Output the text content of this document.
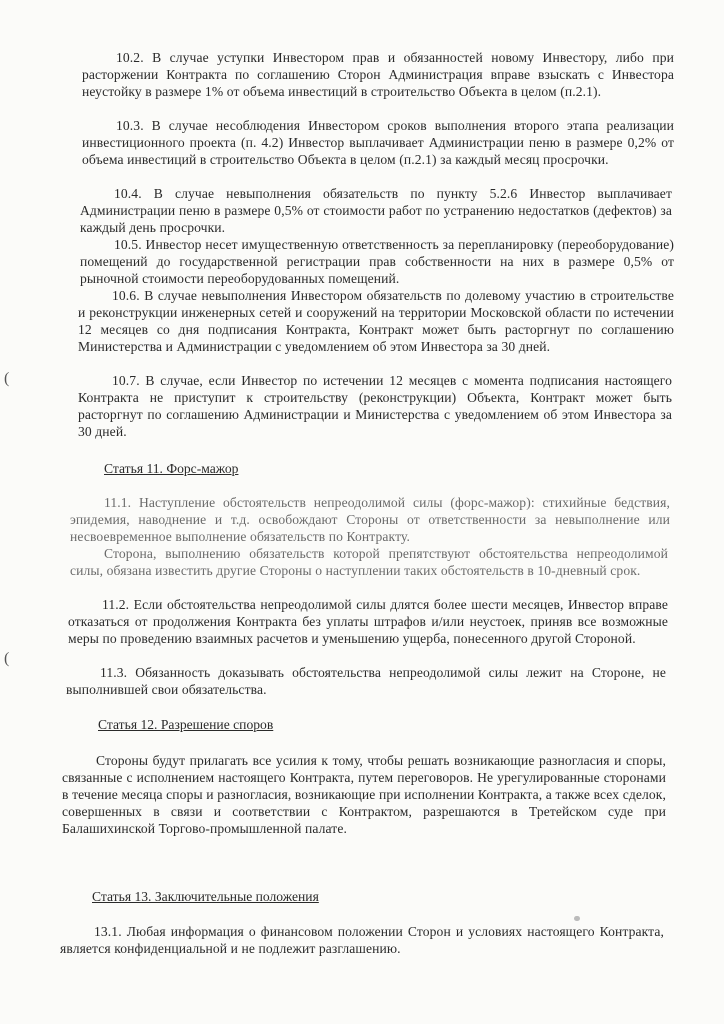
10.2. В случае уступки Инвестором прав и обязанностей новому Инвестору, либо при расторжении Контракта по соглашению Сторон Администрация вправе взыскать с Инвестора неустойку в размере 1% от объема инвестиций в строительство Объекта в целом (п.2.1).

10.3. В случае несоблюдения Инвестором сроков выполнения второго этапа реализации инвестиционного проекта (п. 4.2) Инвестор выплачивает Администрации пеню в размере 0,2% от объема инвестиций в строительство Объекта в целом (п.2.1) за каждый месяц просрочки.

10.4. В случае невыполнения обязательств по пункту 5.2.6 Инвестор выплачивает Администрации пеню в размере 0,5% от стоимости работ по устранению недостатков (дефектов) за каждый день просрочки.

10.5. Инвестор несет имущественную ответственность за перепланировку (переоборудование) помещений до государственной регистрации прав собственности на них в размере 0,5% от рыночной стоимости переоборудованных помещений.

10.6. В случае невыполнения Инвестором обязательств по долевому участию в строительстве и реконструкции инженерных сетей и сооружений на территории Московской области по истечении 12 месяцев со дня подписания Контракта, Контракт может быть расторгнут по соглашению Министерства и Администрации с уведомлением об этом Инвестора за 30 дней.

10.7. В случае, если Инвестор по истечении 12 месяцев с момента подписания настоящего Контракта не приступит к строительству (реконструкции) Объекта, Контракт может быть расторгнут по соглашению Администрации и Министерства с уведомлением об этом Инвестора за 30 дней.

Статья 11. Форс-мажор

11.1. Наступление обстоятельств непреодолимой силы (форс-мажор): стихийные бедствия, эпидемия, наводнение и т.д. освобождают Стороны от ответственности за невыполнение или несвоевременное выполнение обязательств по Контракту.

Сторона, выполнению обязательств которой препятствуют обстоятельства непреодолимой силы, обязана известить другие Стороны о наступлении таких обстоятельств в 10-дневный срок.

11.2. Если обстоятельства непреодолимой силы длятся более шести месяцев, Инвестор вправе отказаться от продолжения Контракта без уплаты штрафов и/или неустоек, приняв все возможные меры по проведению взаимных расчетов и уменьшению ущерба, понесенного другой Стороной.

11.3. Обязанность доказывать обстоятельства непреодолимой силы лежит на Стороне, не выполнившей свои обязательства.

Статья 12. Разрешение споров

Стороны будут прилагать все усилия к тому, чтобы решать возникающие разногласия и споры, связанные с исполнением настоящего Контракта, путем переговоров. Не урегулированные сторонами в течение месяца споры и разногласия, возникающие при исполнении Контракта, а также всех сделок, совершенных в связи и соответствии с Контрактом, разрешаются в Третейском суде при Балашихинской Торгово-промышленной палате.

Статья 13. Заключительные положения

13.1. Любая информация о финансовом положении Сторон и условиях настоящего Контракта, является конфиденциальной и не подлежит разглашению.

(
(
